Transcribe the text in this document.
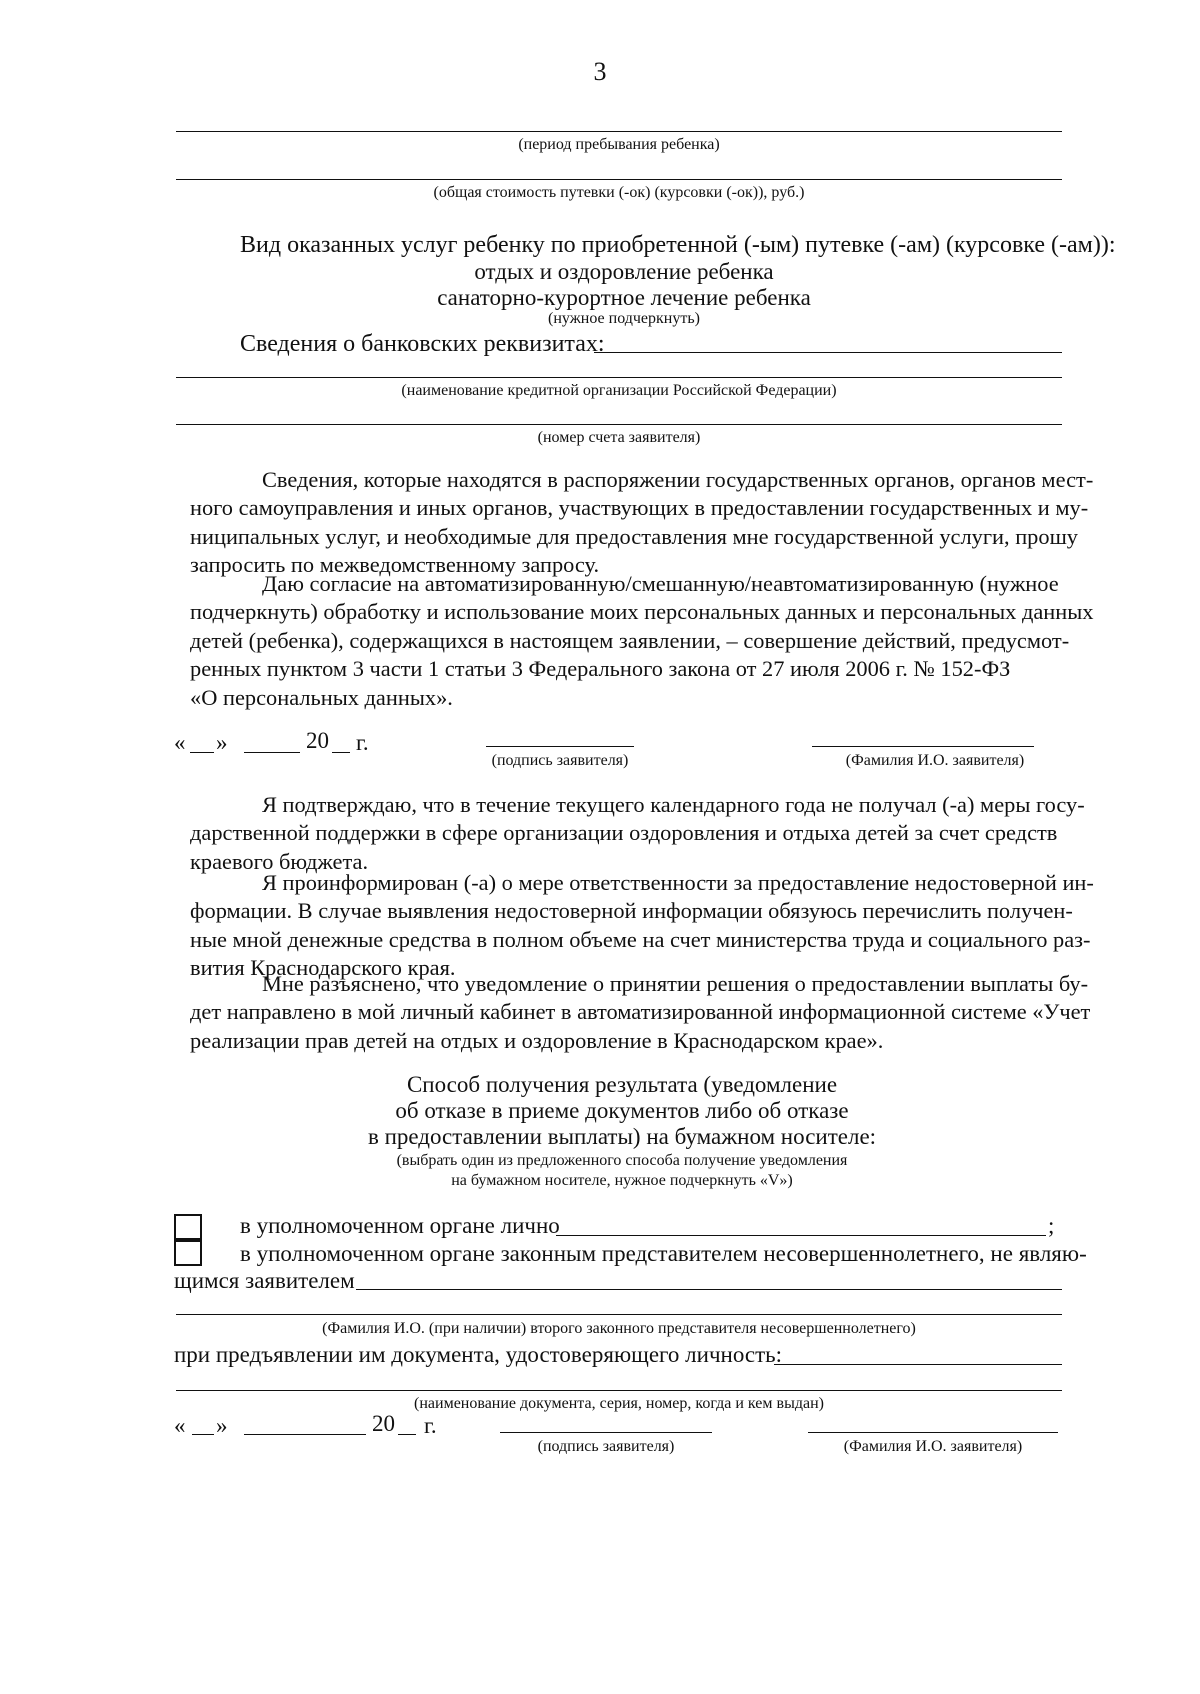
3
(период пребывания ребенка)
(общая стоимость путевки (-ок) (курсовки (-ок)), руб.)
Вид оказанных услуг ребенку по приобретенной (-ым) путевке (-ам) (курсовке (-ам)):
отдых и оздоровление ребенка
санаторно-курортное лечение ребенка
(нужное подчеркнуть)
Сведения о банковских реквизитах:
(наименование кредитной организации Российской Федерации)
(номер счета заявителя)
Сведения, которые находятся в распоряжении государственных органов, органов мест-
ного самоуправления и иных органов, участвующих в предоставлении государственных и му-
ниципальных услуг, и необходимые для предоставления мне государственной услуги, прошу
запросить по межведомственному запросу.
Даю согласие на автоматизированную/смешанную/неавтоматизированную (нужное
подчеркнуть) обработку и использование моих персональных данных и персональных данных
детей (ребенка), содержащихся в настоящем заявлении, – совершение действий, предусмот-
ренных пунктом 3 части 1 статьи 3 Федерального закона от 27 июля 2006 г. № 152-ФЗ
«О персональных данных».
« »	20 г.
(подпись заявителя)	(Фамилия И.О. заявителя)
Я подтверждаю, что в течение текущего календарного года не получал (-а) меры госу-
дарственной поддержки в сфере организации оздоровления и отдыха детей за счет средств
краевого бюджета.
Я проинформирован (-а) о мере ответственности за предоставление недостоверной ин-
формации. В случае выявления недостоверной информации обязуюсь перечислить получен-
ные мной денежные средства в полном объеме на счет министерства труда и социального раз-
вития Краснодарского края.
Мне разъяснено, что уведомление о принятии решения о предоставлении выплаты бу-
дет направлено в мой личный кабинет в автоматизированной информационной системе «Учет
реализации прав детей на отдых и оздоровление в Краснодарском крае».
Способ получения результата (уведомление
об отказе в приеме документов либо об отказе
в предоставлении выплаты) на бумажном носителе:
(выбрать один из предложенного способа получение уведомления
на бумажном носителе, нужное подчеркнуть «V»)
в уполномоченном органе лично	;
в уполномоченном органе законным представителем несовершеннолетнего, не являю-
щимся заявителем
(Фамилия И.О. (при наличии) второго законного представителя несовершеннолетнего)
при предъявлении им документа, удостоверяющего личность:
(наименование документа, серия, номер, когда и кем выдан)
« »	20 г.
(подпись заявителя)	(Фамилия И.О. заявителя)
